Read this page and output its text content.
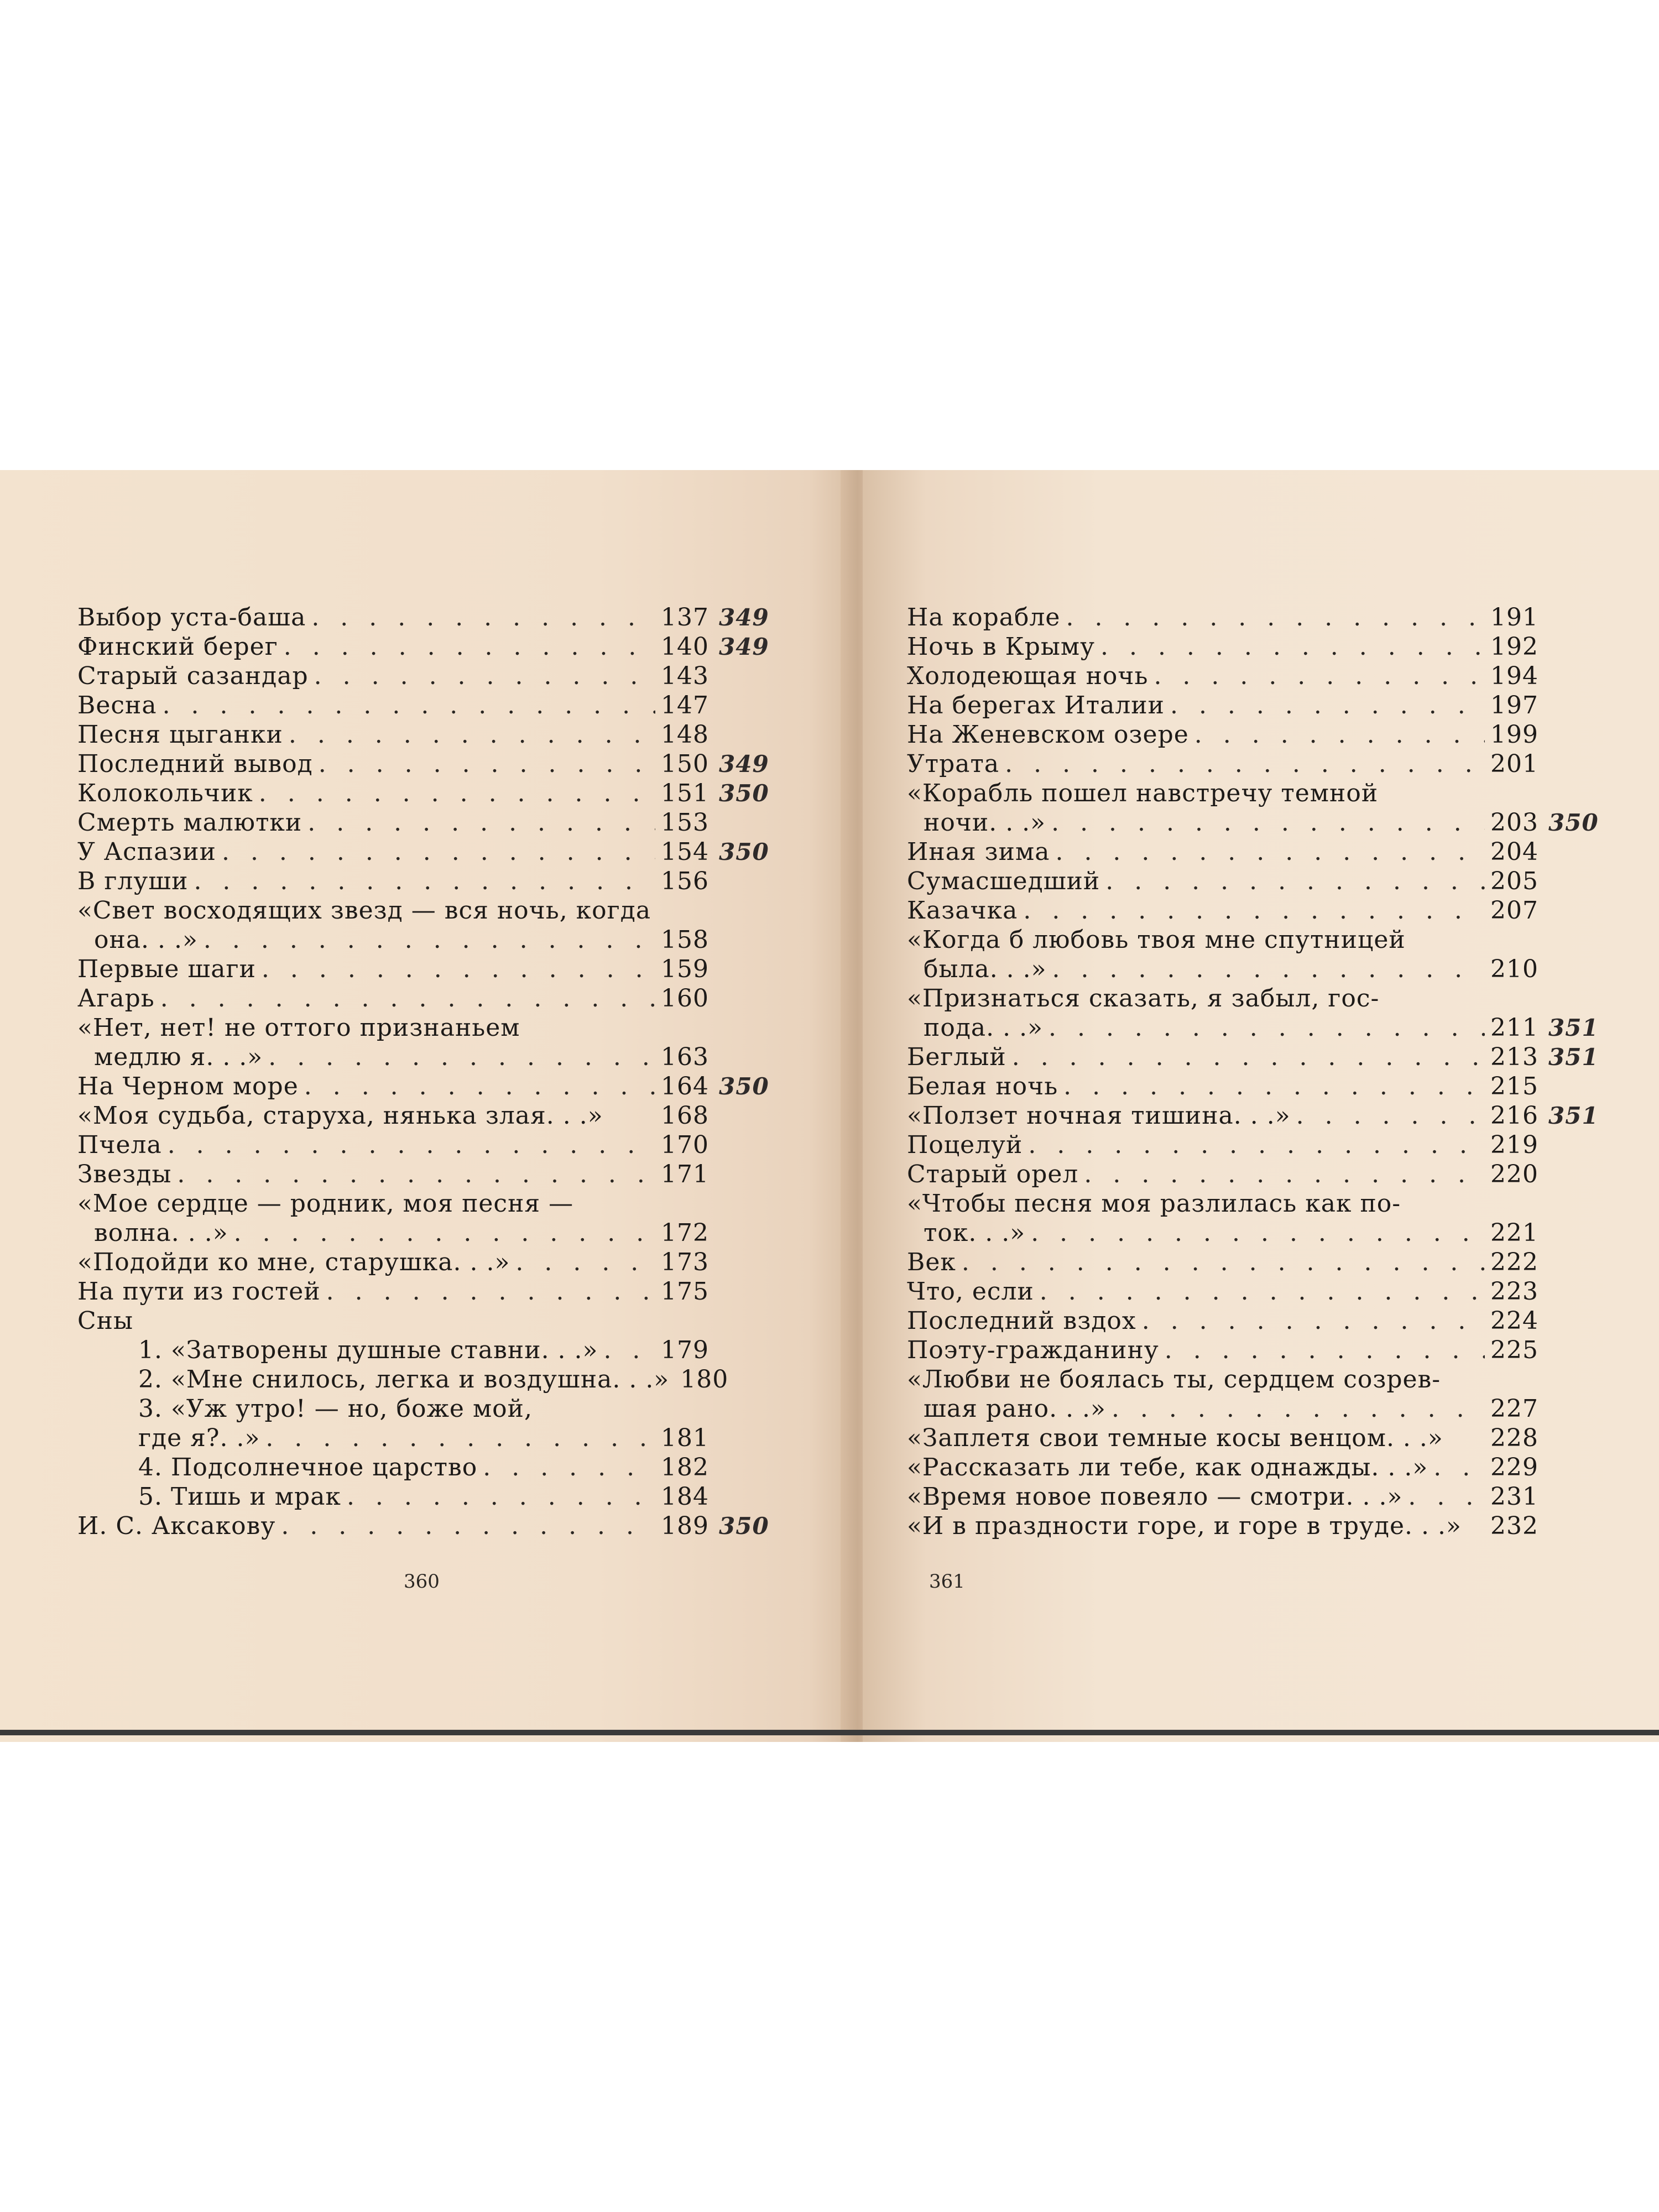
Выбор уста-баша . . .	137 349
Финский берег . . .	140 349
Старый сазандар . . .	143
Весна . . .	147
Песня цыганки . . .	148
Последний вывод . . .	150 349
Колокольчик . . .	151 350
Смерть малютки . . .	153
У Аспазии . . .	154 350
В глуши . . .	156
«Свет восходящих звезд — вся ночь, когда
она. . .» . . .	158
Первые шаги . . .	159
Агарь . . .	160
«Нет, нет! не оттого признаньем
медлю я. . .» . . .	163
На Черном море . . .	164 350
«Моя судьба, старуха, нянька злая. . .» 168
Пчела . . .	170
Звезды . . .	171
«Мое сердце — родник, моя песня —
волна. . .» . . .	172
«Подойди ко мне, старушка. . .» . . .	173
На пути из гостей . . .	175
Сны
1. «Затворены душные ставни. . .» . . .	179
2. «Мне снилось, легка и воздушна. . .» 180
3. «Уж утро! — но, боже мой,
где я?. .» . . .	181
4. Подсолнечное царство . . .	182
5. Тишь и мрак . . .	184
И. С. Аксакову . . .	189 350
360
На корабле . . .	191
Ночь в Крыму . . .	192
Холодеющая ночь . . .	194
На берегах Италии . . .	197
На Женевском озере . . .	199
Утрата . . .	201
«Корабль пошел навстречу темной
ночи. . .» . . .	203 350
Иная зима . . .	204
Сумасшедший . . .	205
Казачка . . .	207
«Когда б любовь твоя мне спутницей
была. . .» . . .	210
«Признаться сказать, я забыл, гос-
пода. . .» . . .	211 351
Беглый . . .	213 351
Белая ночь . . .	215
«Ползет ночная тишина. . .» . . .	216 351
Поцелуй . . .	219
Старый орел . . .	220
«Чтобы песня моя разлилась как по-
ток. . .» . . .	221
Век . . .	222
Что, если . . .	223
Последний вздох . . .	224
Поэту-гражданину . . .	225
«Любви не боялась ты, сердцем созрев-
шая рано. . .» . . .	227
«Заплетя свои темные косы венцом. . .» 228
«Рассказать ли тебе, как однажды. . .» . . .	229
«Время новое повеяло — смотри. . .» . . .	231
«И в праздности горе, и горе в труде. . .» 232
361
